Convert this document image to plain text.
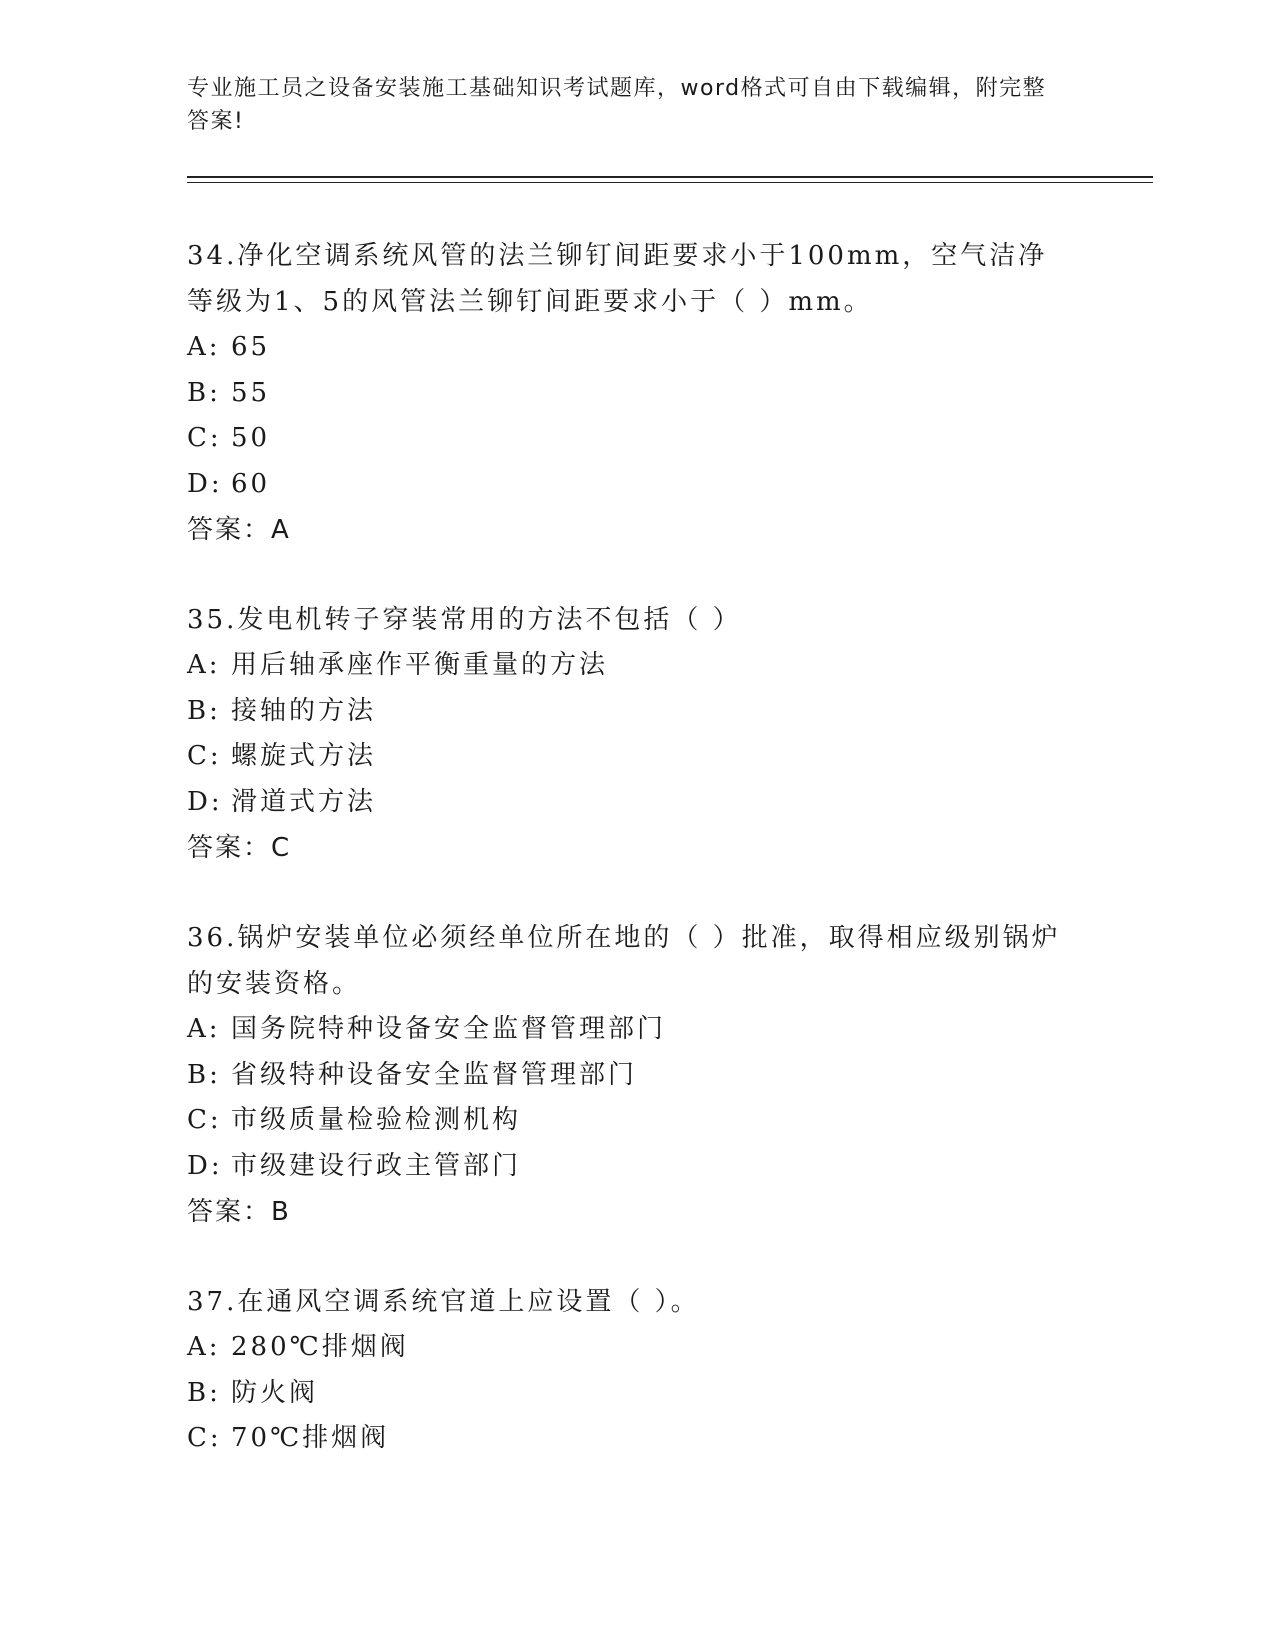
专业施工员之设备安装施工基础知识考试题库，word格式可自由下载编辑，附完整答案!
34.净化空调系统风管的法兰铆钉间距要求小于100mm，空气洁净等级为1、5的风管法兰铆钉间距要求小于（ ）mm。
A: 65
B: 55
C: 50
D: 60
答案：A
35.发电机转子穿装常用的方法不包括（ ）
A: 用后轴承座作平衡重量的方法
B: 接轴的方法
C: 螺旋式方法
D: 滑道式方法
答案：C
36.锅炉安装单位必须经单位所在地的（ ）批准，取得相应级别锅炉的安装资格。
A: 国务院特种设备安全监督管理部门
B: 省级特种设备安全监督管理部门
C: 市级质量检验检测机构
D: 市级建设行政主管部门
答案：B
37.在通风空调系统官道上应设置（ ）。
A: 280℃排烟阀
B: 防火阀
C: 70℃排烟阀
